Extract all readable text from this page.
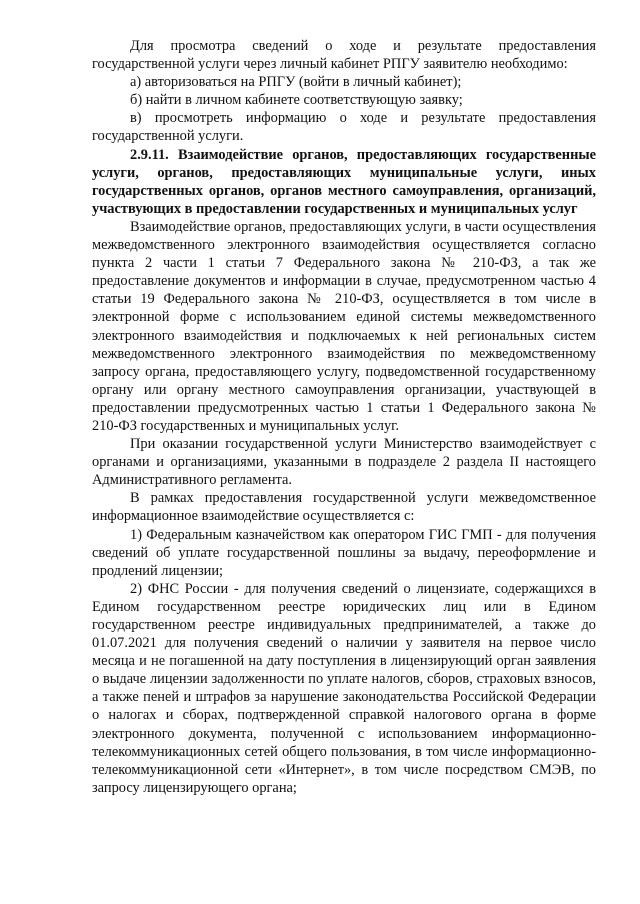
Для просмотра сведений о ходе и результате предоставления государственной услуги через личный кабинет РПГУ заявителю необходимо:

а) авторизоваться на РПГУ (войти в личный кабинет);

б) найти в личном кабинете соответствующую заявку;

в) просмотреть информацию о ходе и результате предоставления государственной услуги.

2.9.11. Взаимодействие органов, предоставляющих государственные услуги, органов, предоставляющих муниципальные услуги, иных государственных органов, органов местного самоуправления, организаций, участвующих в предоставлении государственных и муниципальных услуг

Взаимодействие органов, предоставляющих услуги, в части осуществления межведомственного электронного взаимодействия осуществляется согласно пункта 2 части 1 статьи 7 Федерального закона № 210-ФЗ, а так же предоставление документов и информации в случае, предусмотренном частью 4 статьи 19 Федерального закона № 210-ФЗ, осуществляется в том числе в электронной форме с использованием единой системы межведомственного электронного взаимодействия и подключаемых к ней региональных систем межведомственного электронного взаимодействия по межведомственному запросу органа, предоставляющего услугу, подведомственной государственному органу или органу местного самоуправления организации, участвующей в предоставлении предусмотренных частью 1 статьи 1 Федерального закона № 210-ФЗ государственных и муниципальных услуг.

При оказании государственной услуги Министерство взаимодействует с органами и организациями, указанными в подразделе 2 раздела II настоящего Административного регламента.

В рамках предоставления государственной услуги межведомственное информационное взаимодействие осуществляется с:

1) Федеральным казначейством как оператором ГИС ГМП - для получения сведений об уплате государственной пошлины за выдачу, переоформление и продлений лицензии;

2) ФНС России - для получения сведений о лицензиате, содержащихся в Едином государственном реестре юридических лиц или в Едином государственном реестре индивидуальных предпринимателей, а также до 01.07.2021 для получения сведений о наличии у заявителя на первое число месяца и не погашенной на дату поступления в лицензирующий орган заявления о выдаче лицензии задолженности по уплате налогов, сборов, страховых взносов, а также пеней и штрафов за нарушение законодательства Российской Федерации о налогах и сборах, подтвержденной справкой налогового органа в форме электронного документа, полученной с использованием информационно-телекоммуникационных сетей общего пользования, в том числе информационно-телекоммуникационной сети «Интернет», в том числе посредством СМЭВ, по запросу лицензирующего органа;
